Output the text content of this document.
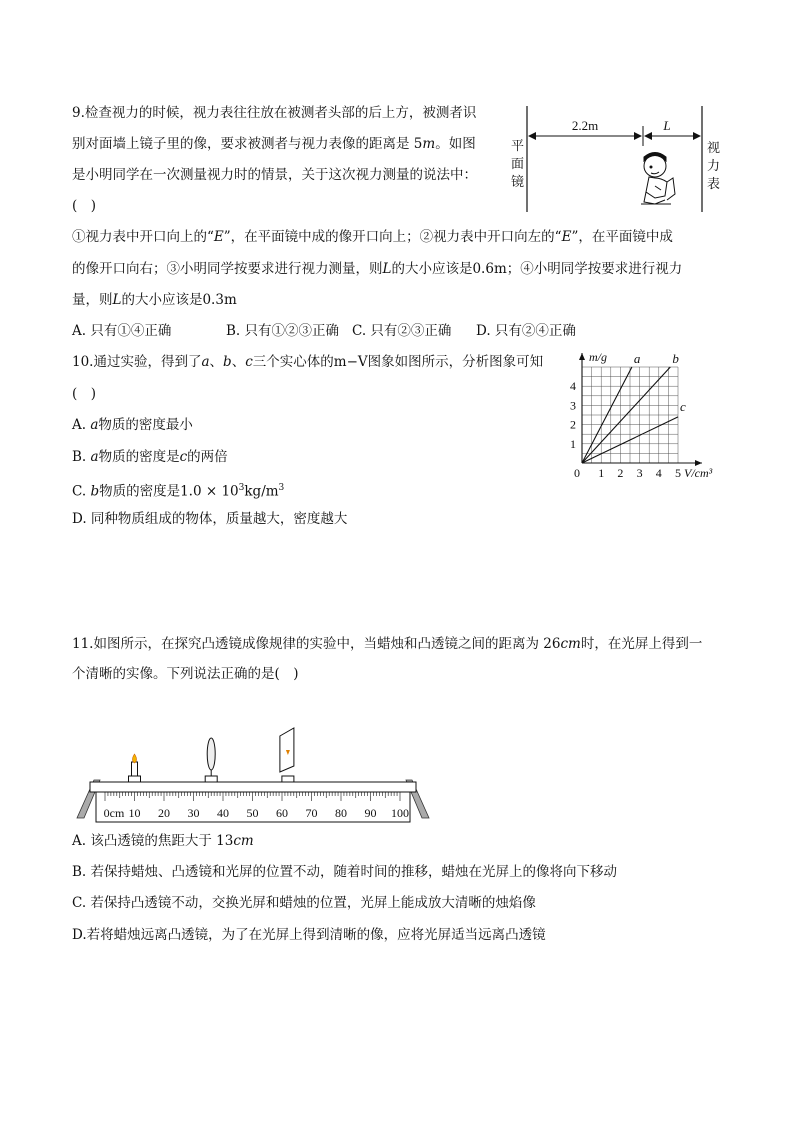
9.检查视力的时候，视力表往往放在被测者头部的后上方，被测者识
别对面墙上镜子里的像，要求被测者与视力表像的距离是 5m。如图
是小明同学在一次测量视力时的情景，关于这次视力测量的说法中：
(　)
①视力表中开口向上的“E”，在平面镜中成的像开口向上；②视力表中开口向左的“E”，在平面镜中成
的像开口向右；③小明同学按要求进行视力测量，则L的大小应该是0.6m；④小明同学按要求进行视力
量，则L的大小应该是0.3m
A. 只有①④正确	B. 只有①②③正确 C. 只有②③正确 D. 只有②④正确
2.2m	L
平
面
镜
视
力
表
10.通过实验，得到了a、b、c三个实心体的m−V图象如图所示，分析图象可知
(　)
A. a物质的密度最小
B. a物质的密度是c的两倍
C. b物质的密度是$1.0 \times 10^3kg/m^3$
D. 同种物质组成的物体，质量越大，密度越大
0 1 2 3 4 5
1
2
3
4
m/g
V/cm³
a b
c
11.如图所示，在探究凸透镜成像规律的实验中，当蜡烛和凸透镜之间的距离为 26cm时，在光屏上得到一
个清晰的实像。下列说法正确的是(　)
0cm 10 20 30 40 50 60 70 80 90 100
A. 该凸透镜的焦距大于 13cm
B. 若保持蜡烛、凸透镜和光屏的位置不动，随着时间的推移，蜡烛在光屏上的像将向下移动
C. 若保持凸透镜不动，交换光屏和蜡烛的位置，光屏上能成放大清晰的烛焰像
D.若将蜡烛远离凸透镜，为了在光屏上得到清晰的像，应将光屏适当远离凸透镜
